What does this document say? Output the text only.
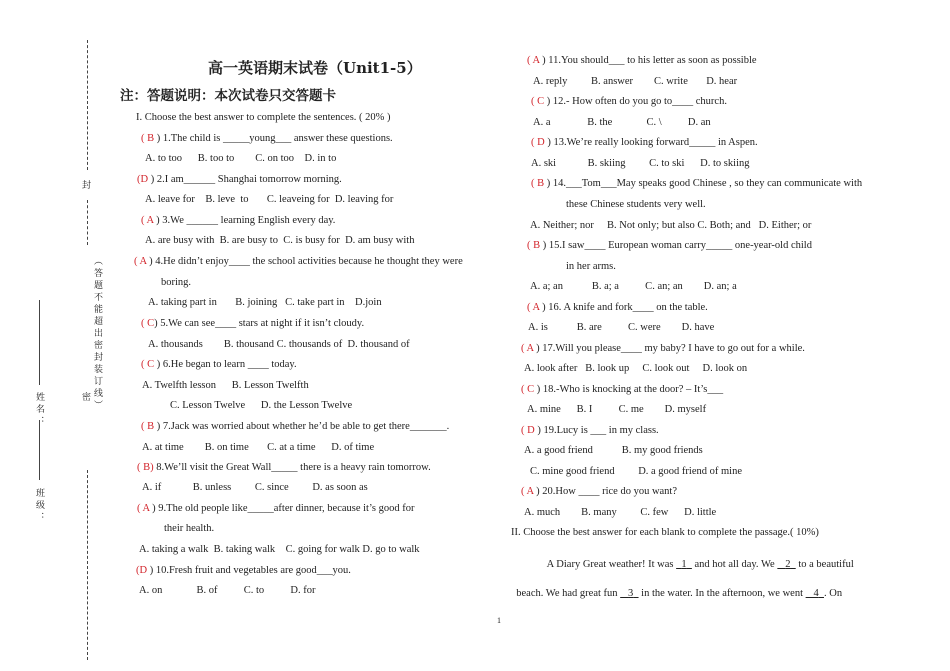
封
（答题不能超出密封装订线）
密
姓名：
班级：
高一英语期末试卷（Unit1-5）
注：答题说明：本次试卷只交答题卡
I. Choose the best answer to complete the sentences. ( 20% )
( B ) 1.The child is _____young___ answer these questions.
A. to too      B. too to        C. on too    D. in to
(D ) 2.I am______ Shanghai tomorrow morning.
A. leave for    B. leve  to       C. leaveing for  D. leaving for
( A ) 3.We ______ learning English every day.
A. are busy with  B. are busy to  C. is busy for  D. am busy with
( A ) 4.He didn’t enjoy____ the school activities because he thought they were
boring.
A. taking part in       B. joining   C. take part in    D.join
( C) 5.We can see____ stars at night if it isn’t cloudy.
A. thousands        B. thousand C. thousands of  D. thousand of
( C ) 6.He began to learn ____ today.
A. Twelfth lesson      B. Lesson Twelfth
C. Lesson Twelve      D. the Lesson Twelve
( B ) 7.Jack was worried about whether he’d be able to get there_______.
A. at time        B. on time       C. at a time      D. of time
( B) 8.We’ll visit the Great Wall_____ there is a heavy rain tomorrow.
A. if            B. unless         C. since         D. as soon as
( A ) 9.The old people like_____after dinner, because it’s good for
their health.
A. taking a walk  B. taking walk    C. going for walk D. go to walk
(D ) 10.Fresh fruit and vegetables are good___you.
A. on             B. of          C. to          D. for
( A ) 11.You should___ to his letter as soon as possible
A. reply         B. answer        C. write       D. hear
( C ) 12.- How often do you go to____ church.
A. a              B. the             C. \          D. an
( D ) 13.We’re really looking forward_____ in Aspen.
A. ski            B. skiing         C. to ski      D. to skiing
( B ) 14.___Tom___May speaks good Chinese , so they can communicate with
these Chinese students very well.
A. Neither; nor     B. Not only; but also C. Both; and   D. Either; or
( B ) 15.I saw____ European woman carry_____ one-year-old child
in her arms.
A. a; an           B. a; a          C. an; an        D. an; a
( A ) 16. A knife and fork____ on the table.
A. is           B. are          C. were        D. have
( A ) 17.Will you please____ my baby? I have to go out for a while.
A. look after   B. look up     C. look out     D. look on
( C ) 18.-Who is knocking at the door? – It’s___
A. mine      B. I          C. me        D. myself
( D ) 19.Lucy is ___ in my class.
A. a good friend           B. my good friends
C. mine good friend         D. a good friend of mine
( A ) 20.How ____ rice do you want?
A. much        B. many         C. few      D. little
II. Choose the best answer for each blank to complete the passage.( 10%)

A Diary Great weather! It was   1   and hot all day. We    2   to a beautiful

beach. We had great fun    3   in the water. In the afternoon, we went    4 . On

1
